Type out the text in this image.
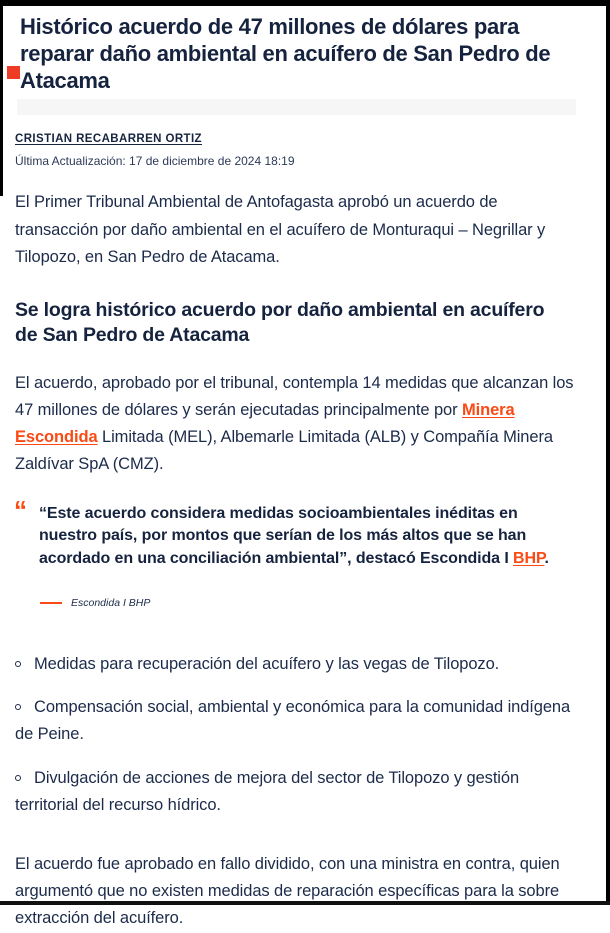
Histórico acuerdo de 47 millones de dólares para reparar daño ambiental en acuífero de San Pedro de Atacama
CRISTIAN RECABARREN ORTIZ
Última Actualización: 17 de diciembre de 2024 18:19

El Primer Tribunal Ambiental de Antofagasta aprobó un acuerdo de transacción por daño ambiental en el acuífero de Monturaqui – Negrillar y Tilopozo, en San Pedro de Atacama.

Se logra histórico acuerdo por daño ambiental en acuífero de San Pedro de Atacama

El acuerdo, aprobado por el tribunal, contempla 14 medidas que alcanzan los 47 millones de dólares y serán ejecutadas principalmente por Minera Escondida Limitada (MEL), Albemarle Limitada (ALB) y Compañía Minera Zaldívar SpA (CMZ).

“ “Este acuerdo considera medidas socioambientales inéditas en nuestro país, por montos que serían de los más altos que se han acordado en una conciliación ambiental”, destacó Escondida I BHP.

Escondida I BHP
Medidas para recuperación del acuífero y las vegas de Tilopozo.
Compensación social, ambiental y económica para la comunidad indígena de Peine.
Divulgación de acciones de mejora del sector de Tilopozo y gestión territorial del recurso hídrico.

El acuerdo fue aprobado en fallo dividido, con una ministra en contra, quien argumentó que no existen medidas de reparación específicas para la sobre extracción del acuífero.
